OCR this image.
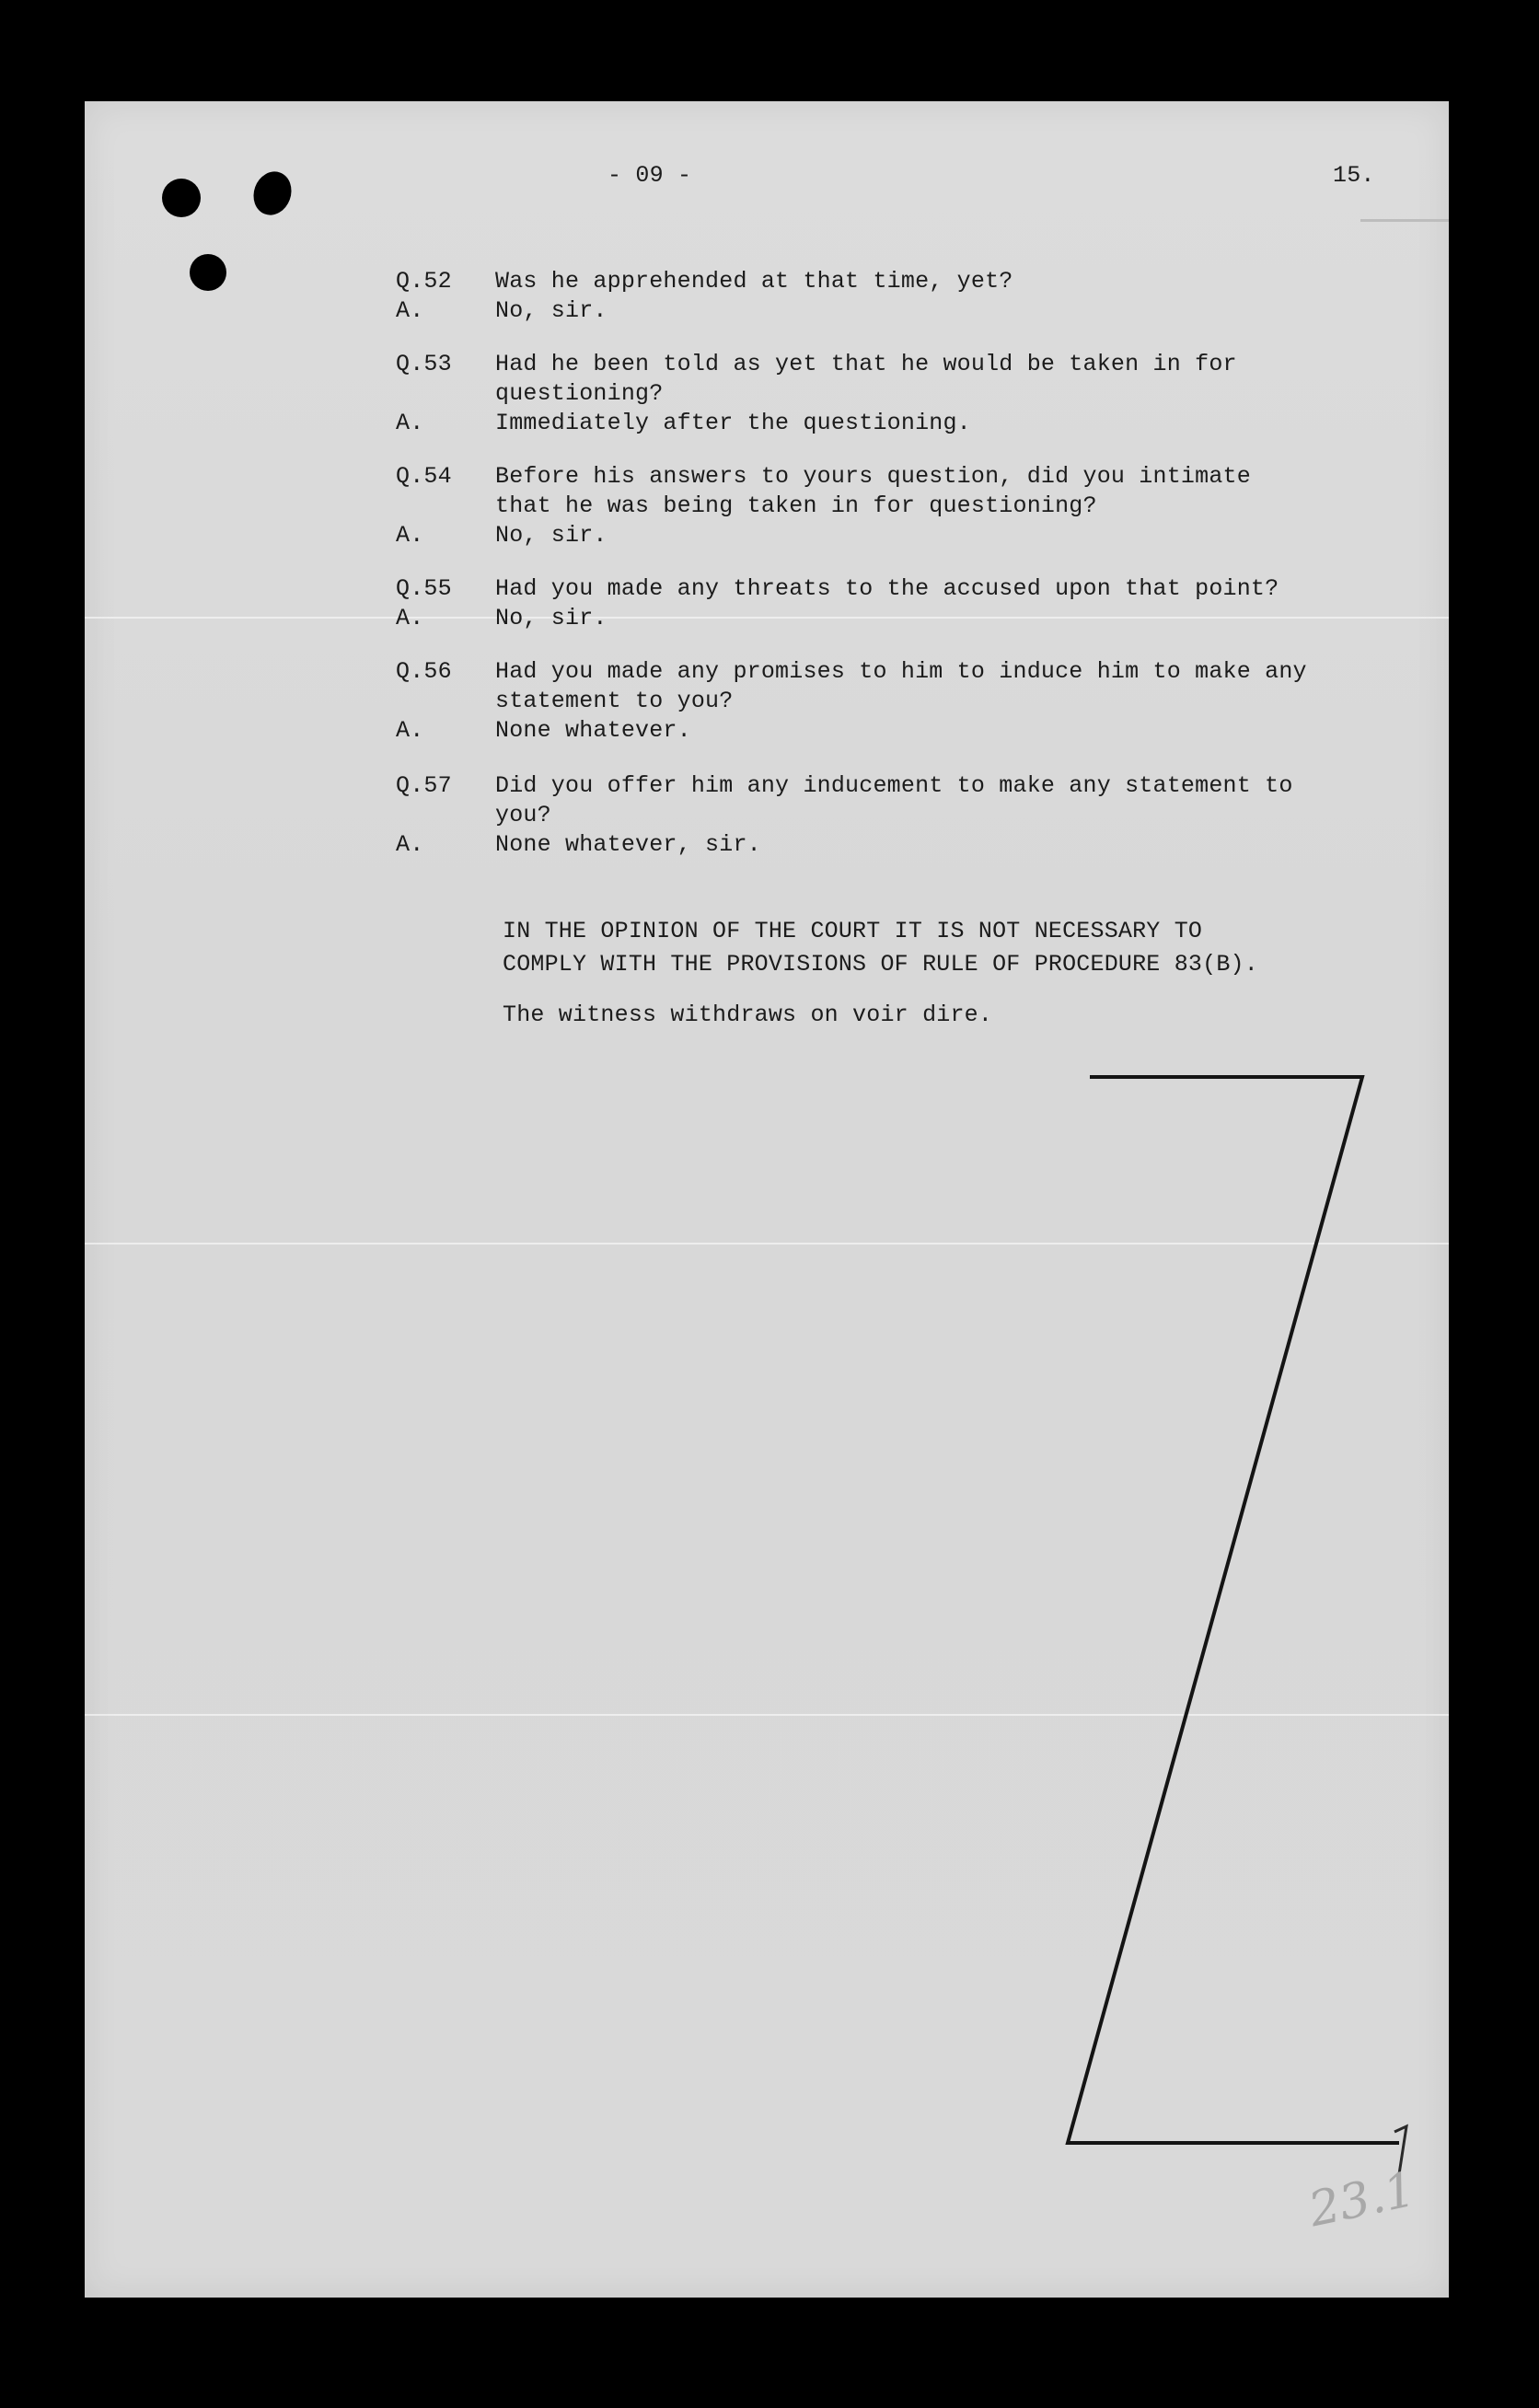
- 09 -	15.
Q.52 Was he apprehended at that time, yet?
A.	No, sir.
Q.53 Had he been told as yet that he would be taken in for
questioning?
A.	Immediately after the questioning.
Q.54 Before his answers to yours question, did you intimate
that he was being taken in for questioning?
A.	No, sir.
Q.55 Had you made any threats to the accused upon that point?
A.	No, sir.
Q.56 Had you made any promises to him to induce him to make any
statement to you?
A.	None whatever.
Q.57 Did you offer him any inducement to make any statement to
you?
A.	None whatever, sir.
IN THE OPINION OF THE COURT IT IS NOT NECESSARY TO
COMPLY WITH THE PROVISIONS OF RULE OF PROCEDURE 83(B).
The witness withdraws on voir dire.
23.1
